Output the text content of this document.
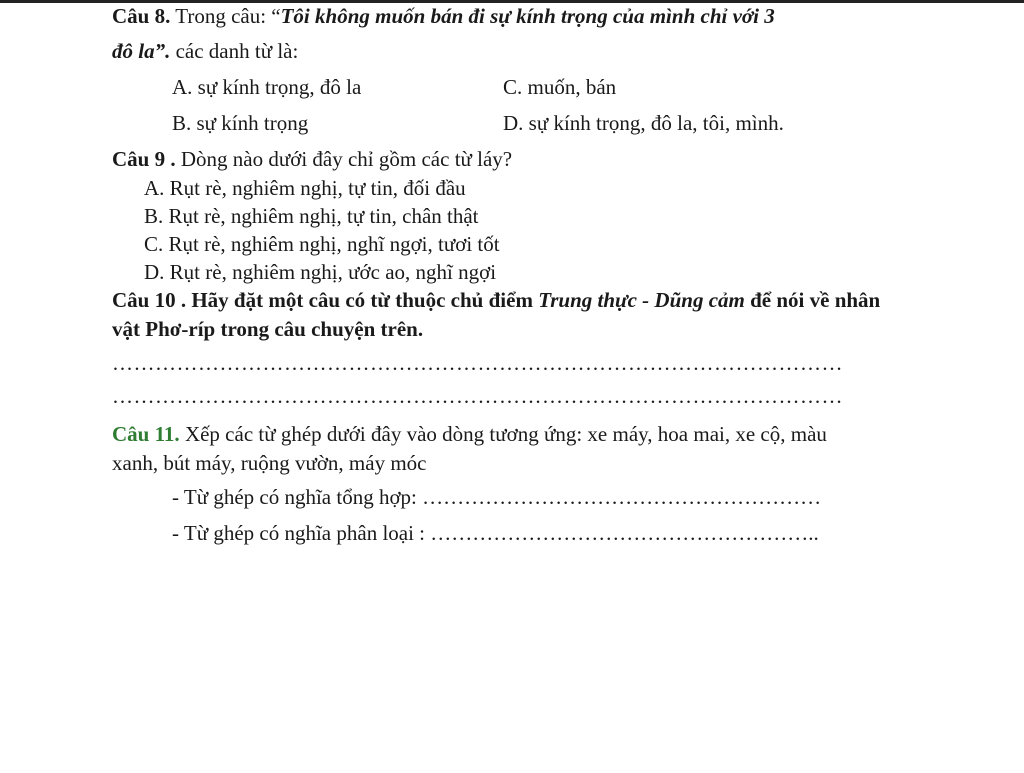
Câu 8. Trong câu: “Tôi không muốn bán đi sự kính trọng của mình chỉ với 3
đô la”. các danh từ là:
A. sự kính trọng, đô la	C. muốn, bán
B. sự kính trọng	D. sự kính trọng, đô la, tôi, mình.
Câu 9 . Dòng nào dưới đây chỉ gồm các từ láy?
A. Rụt rè, nghiêm nghị, tự tin, đối đầu
B. Rụt rè, nghiêm nghị, tự tin, chân thật
C. Rụt rè, nghiêm nghị, nghĩ ngợi, tươi tốt
D. Rụt rè, nghiêm nghị, ước ao, nghĩ ngợi
Câu 10 . Hãy đặt một câu có từ thuộc chủ điểm Trung thực - Dũng cảm để nói về nhân
vật Phơ-ríp trong câu chuyện trên.
…………………………………………………………………………………………
…………………………………………………………………………………………
Câu 11. Xếp các từ ghép dưới đây vào dòng tương ứng: xe máy, hoa mai, xe cộ, màu
xanh, bút máy, ruộng vườn, máy móc
- Từ ghép có nghĩa tổng hợp: …………………………………………………
- Từ ghép có nghĩa phân loại : ………………………………………………..
